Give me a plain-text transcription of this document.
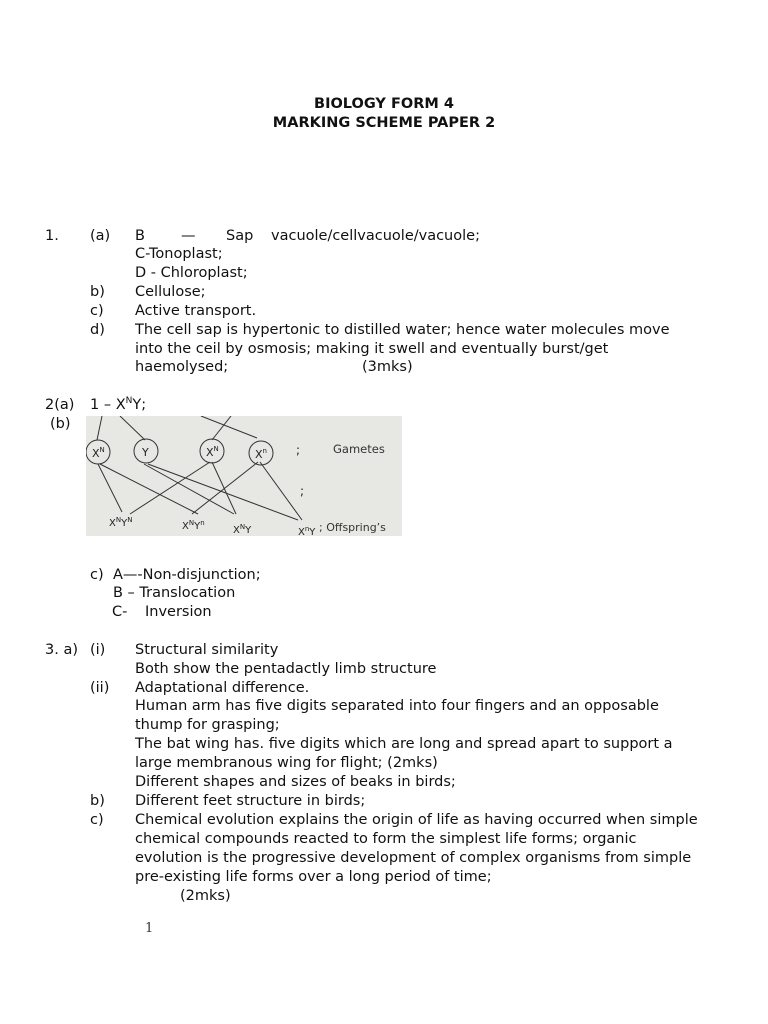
BIOLOGY FORM 4
MARKING SCHEME PAPER 2
1. (a) B — Sap vacuole/cellvacuole/vacuole;
C-Tonoplast;
D - Chloroplast;
b) Cellulose;
c) Active transport.
d) The cell sap is hypertonic to distilled water; hence water molecules move
into the ceil by osmosis; making it swell and eventually burst/get
haemolysed;	(3mks)
2(a) $1 - X^NY$;
(b)
$X^N$	Y	$X^N$	$X^n$ ;	Gametes
;
$X^NY^N$
$X^NY^n$
$X^NY$	$X^nY$ ; Offspring’s
c) A—-Non-disjunction;
B – Translocation
C- Inversion
3. a) (i) Structural similarity
Both show the pentadactly limb structure
(ii) Adaptational difference.
Human arm has five digits separated into four fingers and an opposable
thump for grasping;
The bat wing has. five digits which are long and spread apart to support a
large membranous wing for flight; (2mks)
Different shapes and sizes of beaks in birds;
b) Different feet structure in birds;
c) Chemical evolution explains the origin of life as having occurred when simple
chemical compounds reacted to form the simplest life forms; organic
evolution is the progressive development of complex organisms from simple
pre-existing life forms over a long period of time;
(2mks)
1
